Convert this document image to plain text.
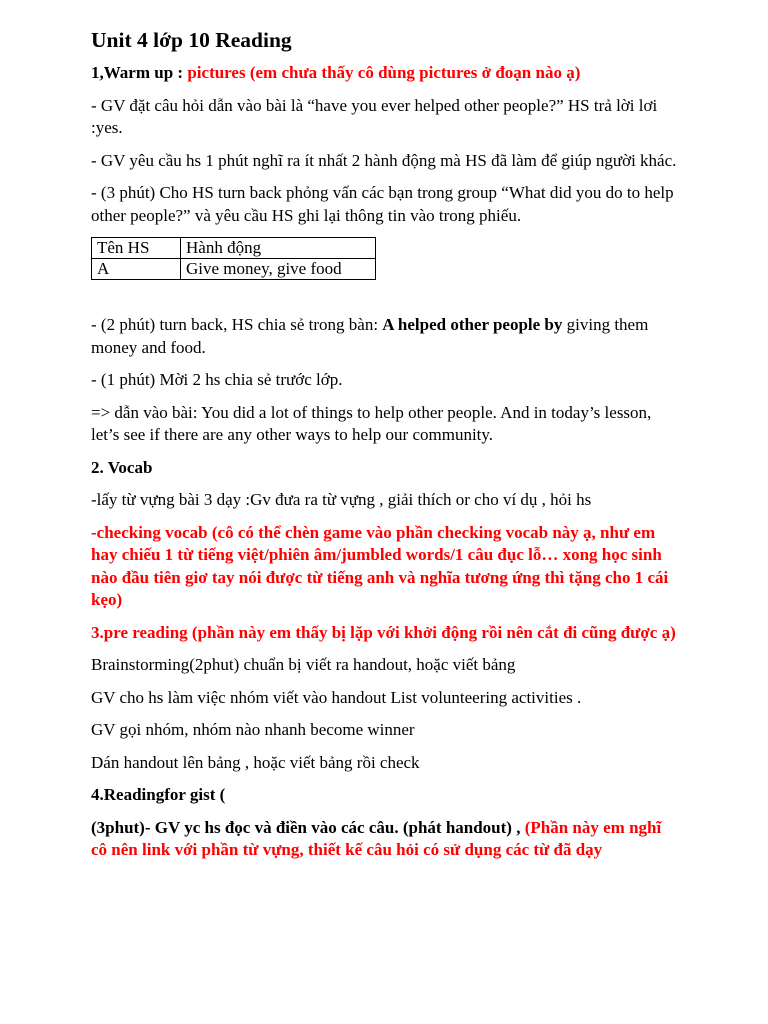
Unit 4 lớp 10 Reading

1,Warm up : pictures (em chưa thấy cô dùng pictures ở đoạn nào ạ)

- GV đặt câu hỏi dẫn vào bài là “have you ever helped other people?” HS trả lời lơi :yes.

- GV yêu cầu hs 1 phút nghĩ ra ít nhất 2 hành động mà HS đã làm để giúp người khác.

- (3 phút) Cho HS turn back phỏng vấn các bạn trong group “What did you do to help other people?” và yêu cầu HS ghi lại thông tin vào trong phiếu.

Tên HS	Hành động
A	Give money, give food

- (2 phút) turn back, HS chia sẻ trong bàn: A helped other people by giving them money and food.

- (1 phút) Mời 2 hs chia sẻ trước lớp.

=> dẫn vào bài: You did a lot of things to help other people. And in today’s lesson, let’s see if there are any other ways to help our community.

2. Vocab

-lấy từ vựng bài 3 dạy :Gv đưa ra từ vựng , giải thích or cho ví dụ , hỏi hs

-checking vocab (cô có thể chèn game vào phần checking vocab này ạ, như em hay chiếu 1 từ tiếng việt/phiên âm/jumbled words/1 câu đục lỗ… xong học sinh nào đầu tiên giơ tay nói được từ tiếng anh và nghĩa tương ứng thì tặng cho 1 cái kẹo)

3.pre reading (phần này em thấy bị lặp với khởi động rồi nên cắt đi cũng được ạ)

Brainstorming(2phut) chuẩn bị viết ra handout, hoặc viết bảng

GV cho hs làm việc nhóm viết vào handout List volunteering activities .

GV gọi nhóm, nhóm nào nhanh become winner

Dán handout lên bảng , hoặc viết bảng rồi check

4.Readingfor gist (

(3phut)- GV yc hs đọc và điền vào các câu. (phát handout) , (Phần này em nghĩ cô nên link với phần từ vựng, thiết kế câu hỏi có sử dụng các từ đã dạy
